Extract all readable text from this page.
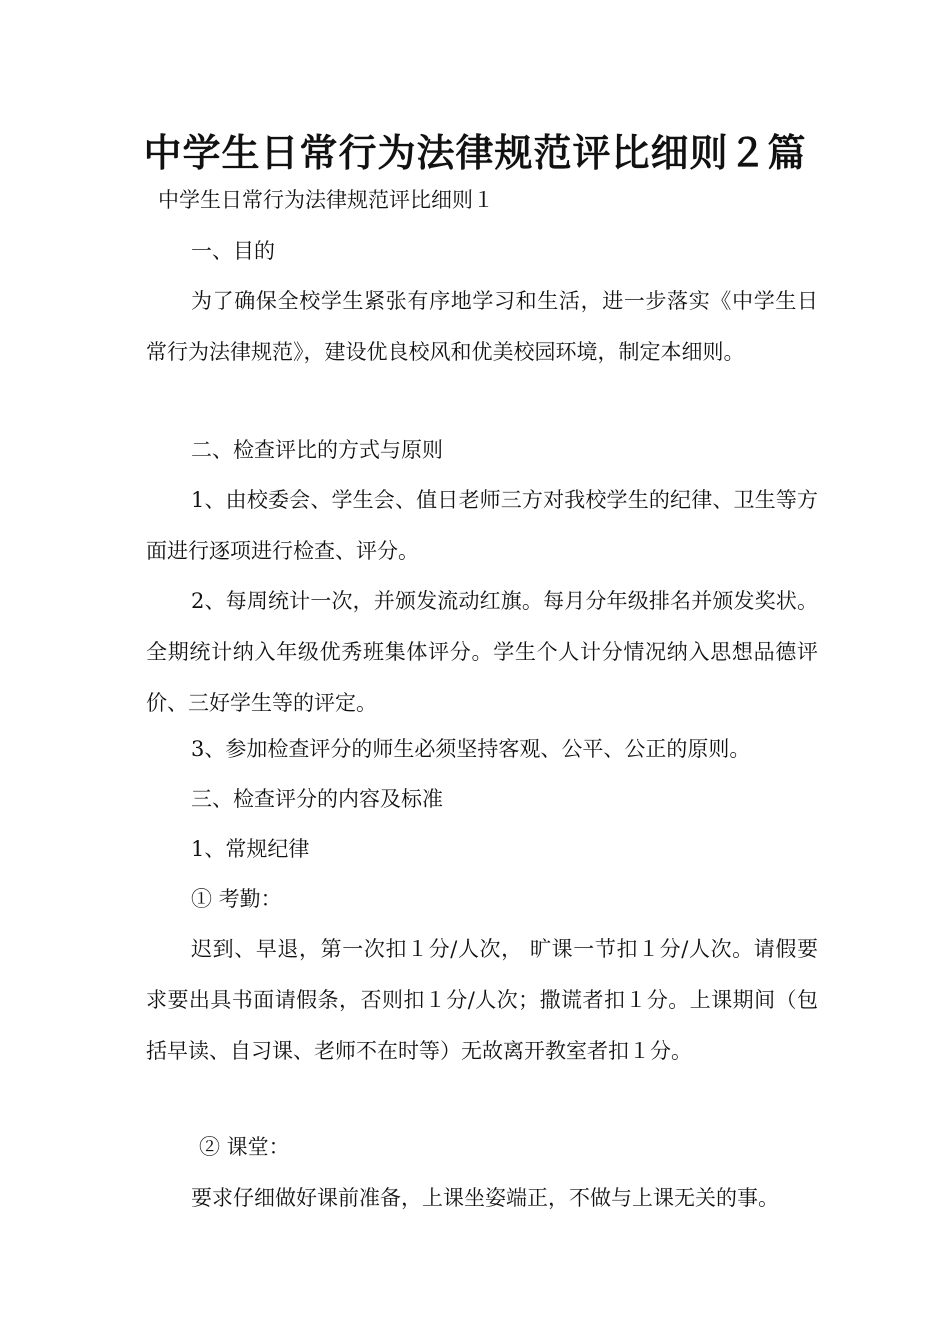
中学生日常行为法律规范评比细则２篇

中学生日常行为法律规范评比细则１

一、目的

为了确保全校学生紧张有序地学习和生活，进一步落实《中学生日常行为法律规范》，建设优良校风和优美校园环境，制定本细则。

二、检查评比的方式与原则

1、由校委会、学生会、值日老师三方对我校学生的纪律、卫生等方面进行逐项进行检查、评分。

2、每周统计一次，并颁发流动红旗。每月分年级排名并颁发奖状。全期统计纳入年级优秀班集体评分。学生个人计分情况纳入思想品德评价、三好学生等的评定。

3、参加检查评分的师生必须坚持客观、公平、公正的原则。

三、检查评分的内容及标准

1、常规纪律

① 考勤：

迟到、早退，第一次扣１分/人次， 旷课一节扣１分/人次。请假要求要出具书面请假条，否则扣１分/人次；撒谎者扣１分。上课期间（包括早读、自习课、老师不在时等）无故离开教室者扣１分。

② 课堂：

要求仔细做好课前准备，上课坐姿端正，不做与上课无关的事。
